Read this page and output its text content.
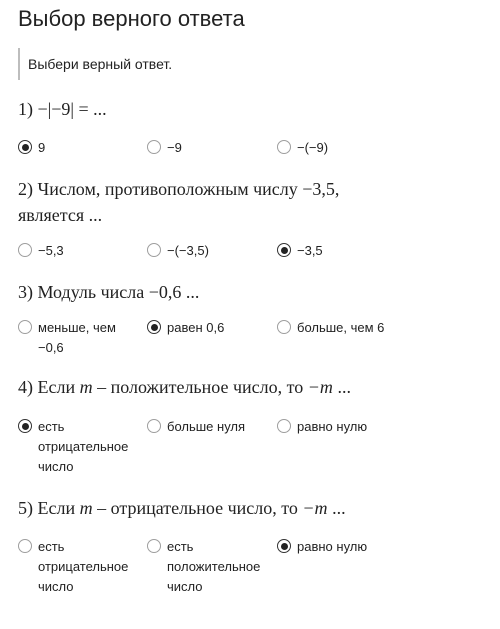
Выбор верного ответа
Выбери верный ответ.
1) −|−9| = ...
9	−9	−(−9)
2) Числом, противоположным числу −3,5,
является ...
−5,3	−(−3,5)	−3,5
3) Модуль числа −0,6 ...
меньше, чем −0,6
равен 0,6	больше, чем 6
4) Если m – положительное число, то −m ...
есть отрицательное число
больше нуля	равно нулю
5) Если m – отрицательное число, то −m ...
есть отрицательное число
есть положительное число
равно нулю
